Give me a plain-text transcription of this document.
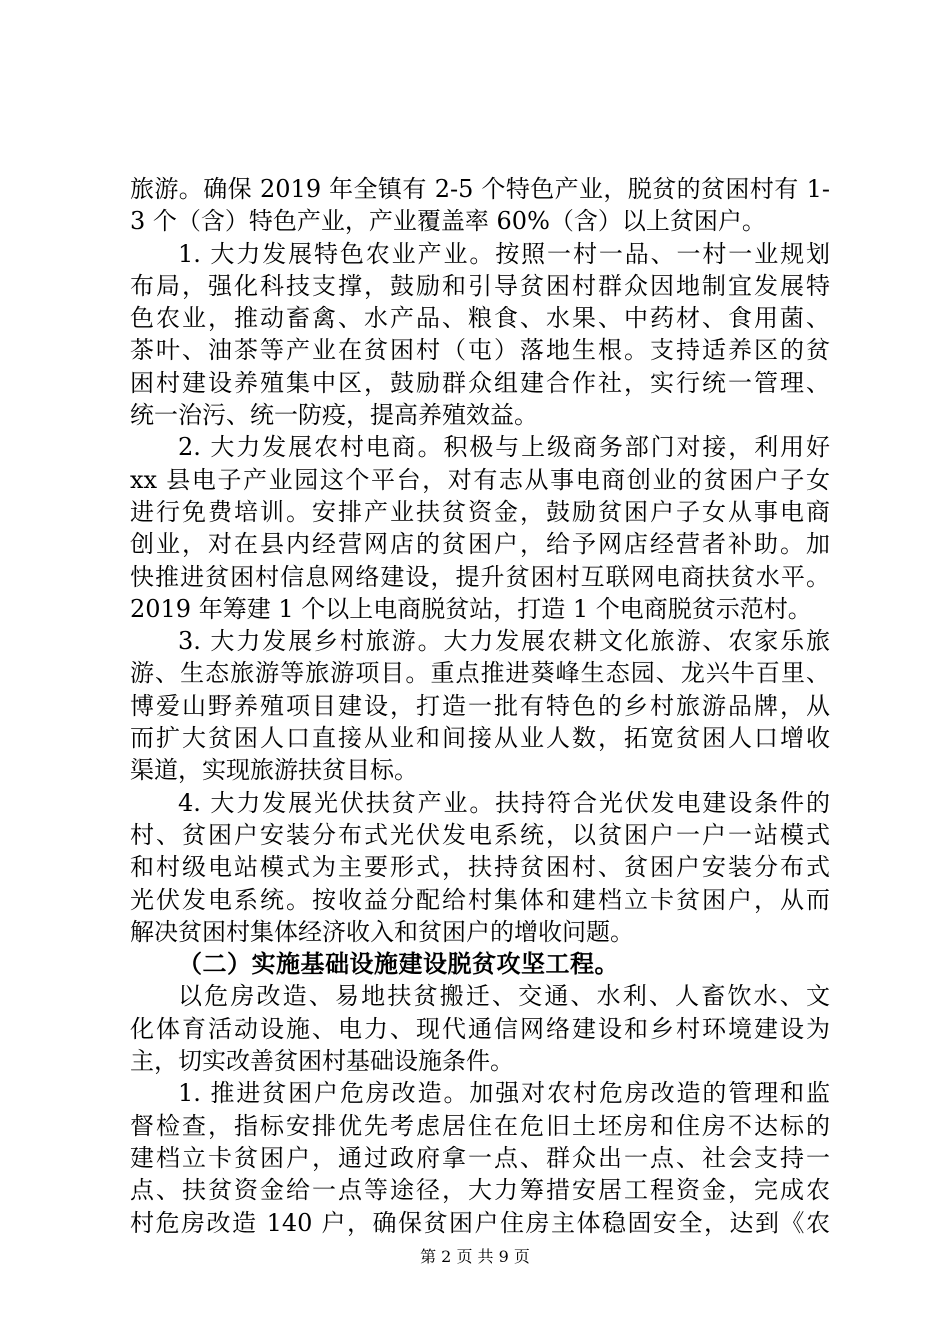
旅游。确保 2019 年全镇有 2-5 个特色产业，脱贫的贫困村有 1-
3 个（含）特色产业，产业覆盖率 60%（含）以上贫困户。
1. 大力发展特色农业产业。按照一村一品、一村一业规划
布局，强化科技支撑，鼓励和引导贫困村群众因地制宜发展特
色农业，推动畜禽、水产品、粮食、水果、中药材、食用菌、
茶叶、油茶等产业在贫困村（屯）落地生根。支持适养区的贫
困村建设养殖集中区，鼓励群众组建合作社，实行统一管理、
统一治污、统一防疫，提高养殖效益。
2. 大力发展农村电商。积极与上级商务部门对接，利用好
xx 县电子产业园这个平台，对有志从事电商创业的贫困户子女
进行免费培训。安排产业扶贫资金，鼓励贫困户子女从事电商
创业，对在县内经营网店的贫困户，给予网店经营者补助。加
快推进贫困村信息网络建设，提升贫困村互联网电商扶贫水平。
2019 年筹建 1 个以上电商脱贫站，打造 1 个电商脱贫示范村。
3. 大力发展乡村旅游。大力发展农耕文化旅游、农家乐旅
游、生态旅游等旅游项目。重点推进葵峰生态园、龙兴牛百里、
博爱山野养殖项目建设，打造一批有特色的乡村旅游品牌，从
而扩大贫困人口直接从业和间接从业人数，拓宽贫困人口增收
渠道，实现旅游扶贫目标。
4. 大力发展光伏扶贫产业。扶持符合光伏发电建设条件的
村、贫困户安装分布式光伏发电系统，以贫困户一户一站模式
和村级电站模式为主要形式，扶持贫困村、贫困户安装分布式
光伏发电系统。按收益分配给村集体和建档立卡贫困户，从而
解决贫困村集体经济收入和贫困户的增收问题。
（二）实施基础设施建设脱贫攻坚工程。
以危房改造、易地扶贫搬迁、交通、水利、人畜饮水、文
化体育活动设施、电力、现代通信网络建设和乡村环境建设为
主，切实改善贫困村基础设施条件。
1. 推进贫困户危房改造。加强对农村危房改造的管理和监
督检查，指标安排优先考虑居住在危旧土坯房和住房不达标的
建档立卡贫困户，通过政府拿一点、群众出一点、社会支持一
点、扶贫资金给一点等途径，大力筹措安居工程资金，完成农
村危房改造 140 户，确保贫困户住房主体稳固安全，达到《农
第 2 页 共 9 页
